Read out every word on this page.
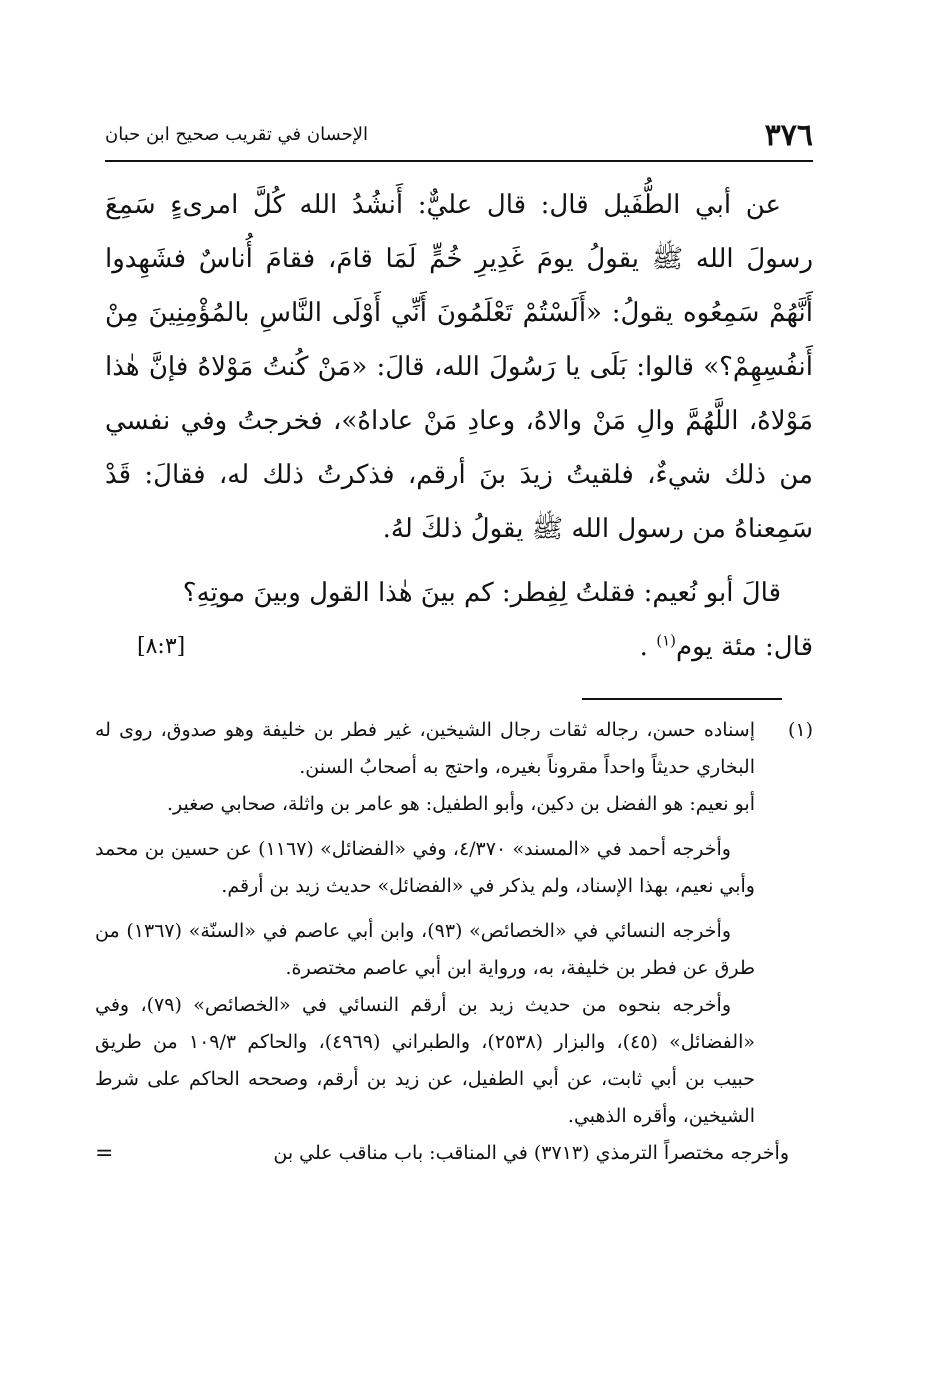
٣٧٦
الإحسان في تقريب صحيح ابن حبان

عن أبي الطُّفَيل قال: قال عليٌّ: أَنشُدُ الله كُلَّ امرىءٍ سَمِعَ رسولَ الله ﷺ يقولُ يومَ غَدِيرِ خُمٍّ لَمَا قامَ، فقامَ أُناسٌ فشَهِدوا أَنَّهُمْ سَمِعُوه يقولُ: «أَلَسْتُمْ تَعْلَمُونَ أَنِّي أَوْلَى النَّاسِ بالمُؤْمِنِينَ مِنْ أَنفُسِهِمْ؟» قالوا: بَلَى يا رَسُولَ الله، قالَ: «مَنْ كُنتُ مَوْلاهُ فإنَّ هٰذا مَوْلاهُ، اللَّهُمَّ والِ مَنْ والاهُ، وعادِ مَنْ عاداهُ»، فخرجتُ وفي نفسي من ذلك شيءٌ، فلقيتُ زيدَ بنَ أرقم، فذكرتُ ذلك له، فقالَ: قَدْ سَمِعناهُ من رسول الله ﷺ يقولُ ذلكَ لهُ.

قالَ أبو نُعيم: فقلتُ لِفِطر: كم بينَ هٰذا القول وبينَ موتِهِ؟
قال: مئة يوم$^{(١)}$ .
[٨:٣]

(١)

إسناده حسن، رجاله ثقات رجال الشيخين، غير فطر بن خليفة وهو صدوق، روى له البخاري حديثاً واحداً مقروناً بغيره، واحتج به أصحابُ السنن.

أبو نعيم: هو الفضل بن دكين، وأبو الطفيل: هو عامر بن واثلة، صحابي صغير.

وأخرجه أحمد في «المسند» ٤/٣٧٠، وفي «الفضائل» (١١٦٧) عن حسين بن محمد وأبي نعيم، بهذا الإسناد، ولم يذكر في «الفضائل» حديث زيد بن أرقم.

وأخرجه النسائي في «الخصائص» (٩٣)، وابن أبي عاصم في «السنّة» (١٣٦٧) من طرق عن فطر بن خليفة، به، ورواية ابن أبي عاصم مختصرة.

وأخرجه بنحوه من حديث زيد بن أرقم النسائي في «الخصائص» (٧٩)، وفي «الفضائل» (٤٥)، والبزار (٢٥٣٨)، والطبراني (٤٩٦٩)، والحاكم ١٠٩/٣ من طريق حبيب بن أبي ثابت، عن أبي الطفيل، عن زيد بن أرقم، وصححه الحاكم على شرط الشيخين، وأقره الذهبي.

=	وأخرجه مختصراً الترمذي (٣٧١٣) في المناقب: باب مناقب علي بن
